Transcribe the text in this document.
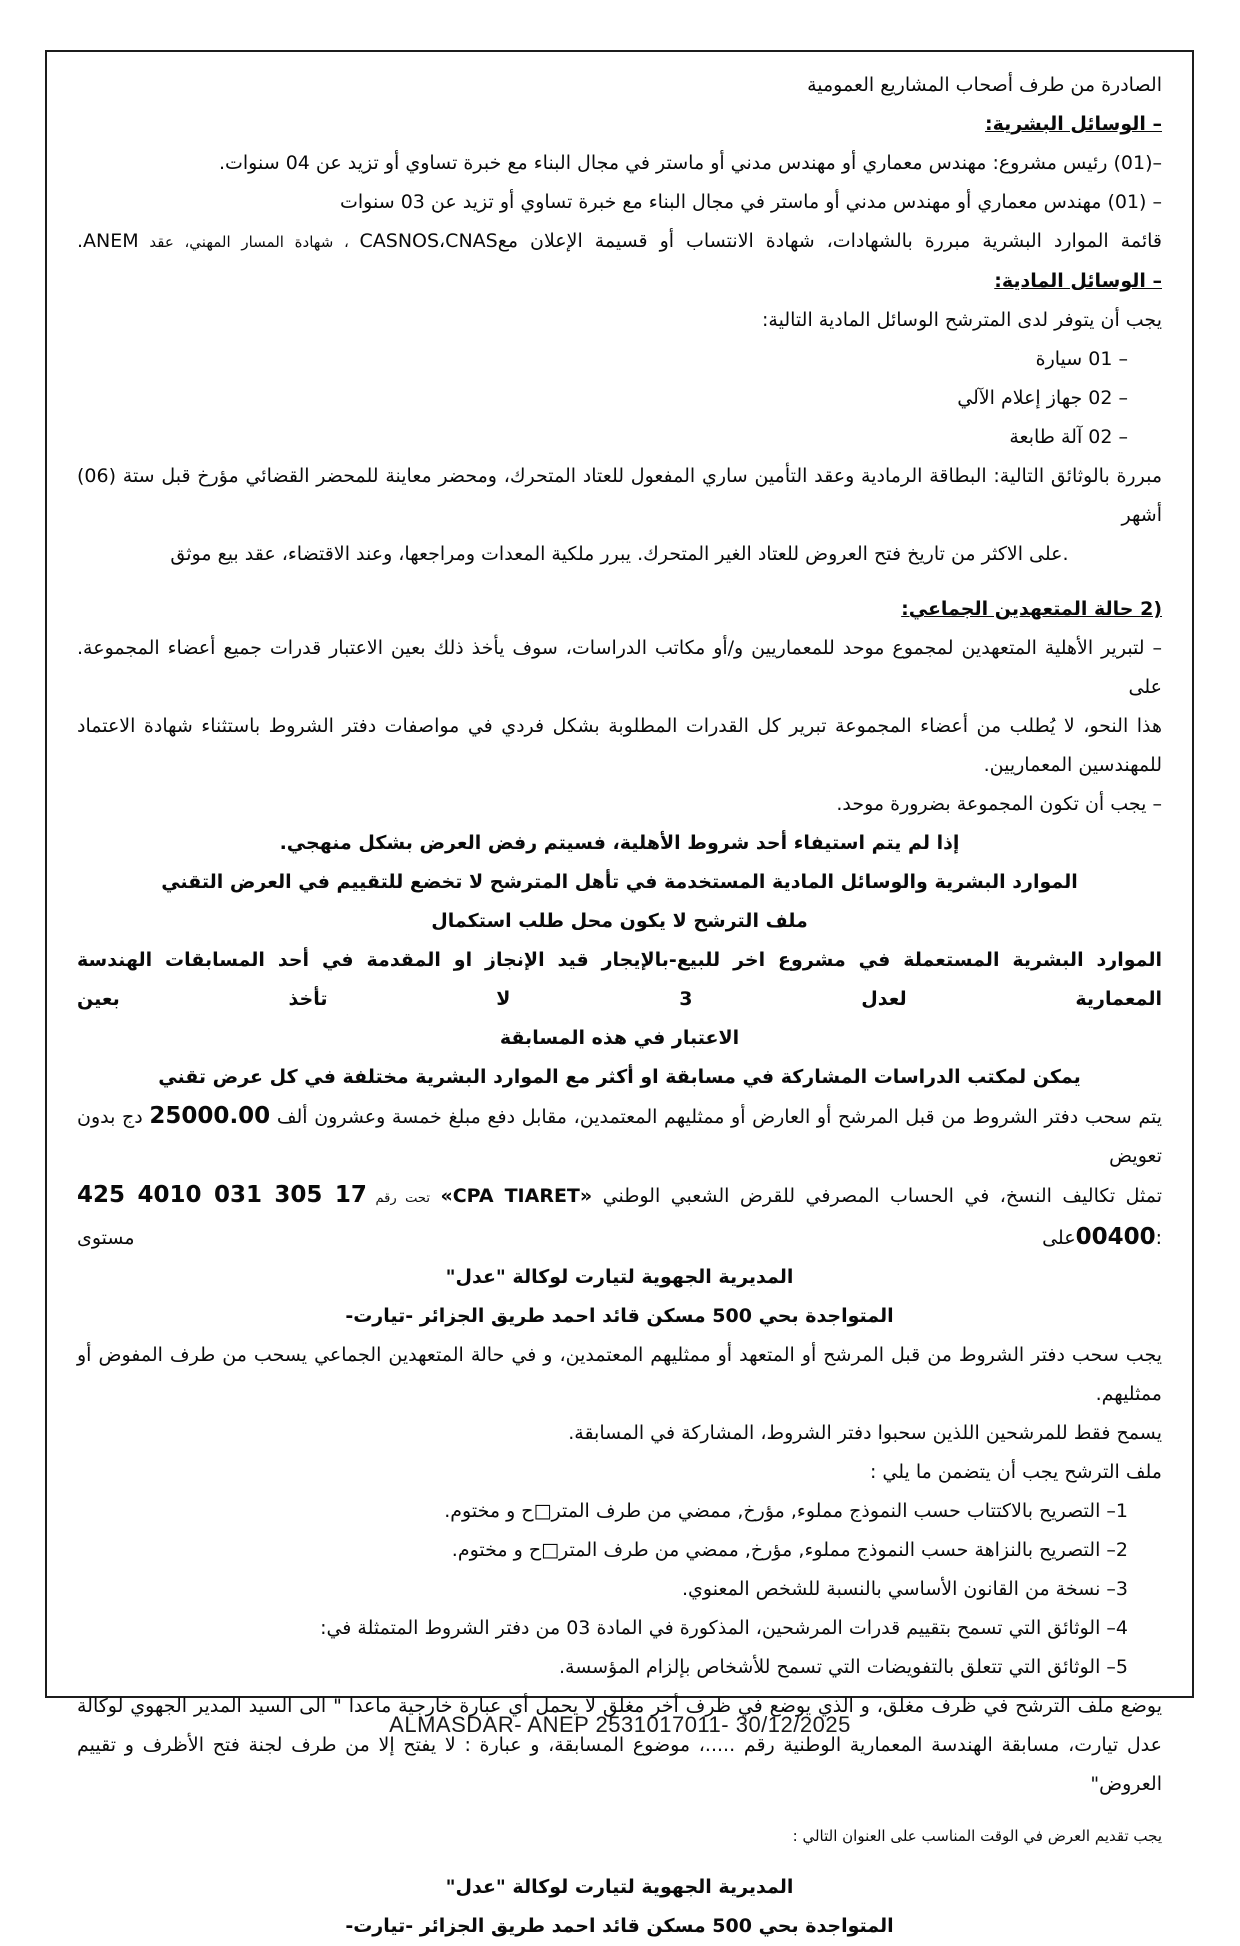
الصادرة من طرف أصحاب المشاريع العمومية

– الوسائل البشرية:

–(01) رئيس مشروع: مهندس معماري أو مهندس مدني أو ماستر في مجال البناء مع خبرة تساوي أو تزيد عن 04 سنوات.

– (01) مهندس معماري أو مهندس مدني أو ماستر في مجال البناء مع خبرة تساوي أو تزيد عن 03 سنوات

قائمة الموارد البشرية مبررة بالشهادات، شهادة الانتساب أو قسيمة الإعلان معCASNOS،CNAS ، شهادة المسار المهني، عقد ANEM.

– الوسائل المادية:

يجب أن يتوفر لدى المترشح الوسائل المادية التالية:

– 01 سيارة

– 02 جهاز إعلام الآلي

– 02 آلة طابعة

مبررة بالوثائق التالية: البطاقة الرمادية وعقد التأمين ساري المفعول للعتاد المتحرك، ومحضر معاينة للمحضر القضائي مؤرخ قبل ستة (06) أشهر

.على الاكثر من تاريخ فتح العروض للعتاد الغير المتحرك. يبرر ملكية المعدات ومراجعها، وعند الاقتضاء، عقد بيع موثق

2) حالة المتعهدين الجماعي:

– لتبرير الأهلية المتعهدين لمجموع موحد للمعماريين و/أو مكاتب الدراسات، سوف يأخذ ذلك بعين الاعتبار قدرات جميع أعضاء المجموعة. على

هذا النحو، لا يُطلب من أعضاء المجموعة تبرير كل القدرات المطلوبة بشكل فردي في مواصفات دفتر الشروط باستثناء شهادة الاعتماد

للمهندسين المعماريين.

– يجب أن تكون المجموعة بضرورة موحد.

إذا لم يتم استيفاء أحد شروط الأهلية، فسيتم رفض العرض بشكل منهجي.

الموارد البشرية والوسائل المادية المستخدمة في تأهل المترشح لا تخضع للتقييم في العرض التقني

ملف الترشح لا يكون محل طلب استكمال

الموارد البشرية المستعملة في مشروع اخر للبيع-بالإيجار قيد الإنجاز او المقدمة في أحد المسابقات الهندسة المعمارية لعدل 3 لا تأخذ بعين

الاعتبار في هذه المسابقة

يمكن لمكتب الدراسات المشاركة في مسابقة او أكثر مع الموارد البشرية مختلفة في كل عرض تقني

يتم سحب دفتر الشروط من قبل المرشح أو العارض أو ممثليهم المعتمدين، مقابل دفع مبلغ خمسة وعشرون ألف 25000.00 دج بدون تعويض

تمثل تكاليف النسخ، في الحساب المصرفي للقرض الشعبي الوطني «CPA TIARET»‏ ‏تحت رقم 17 305 031 4010 425 00400على مستوى:

المديرية الجهوية لتيارت لوكالة "عدل"

المتواجدة بحي 500 مسكن قائد احمد طريق الجزائر -تيارت-

يجب سحب دفتر الشروط من قبل المرشح أو المتعهد أو ممثليهم المعتمدين، و في حالة المتعهدين الجماعي يسحب من طرف المفوض أو ممثليهم.

يسمح فقط للمرشحين اللذين سحبوا دفتر الشروط، المشاركة في المسابقة.

ملف الترشح يجب أن يتضمن ما يلي :

1– التصريح بالاكتتاب حسب النموذج مملوء, مؤرخ, ممضي من طرف المتر□ح و مختوم.

2– التصريح بالنزاهة حسب النموذج مملوء, مؤرخ, ممضي من طرف المتر□ح و مختوم.

3– نسخة من القانون الأساسي بالنسبة للشخص المعنوي.

4– الوثائق التي تسمح بتقييم قدرات المرشحين، المذكورة في المادة 03 من دفتر الشروط المتمثلة في:

5– الوثائق التي تتعلق بالتفويضات التي تسمح للأشخاص بإلزام المؤسسة.

يوضع ملف الترشح في ظرف مغلق، و الذي يوضع في ظرف أخر مغلق لا يحمل أي عبارة خارجية ماعدا " الى السيد المدير الجهوي لوكالة

عدل تيارت، مسابقة الهندسة المعمارية الوطنية رقم .....، موضوع المسابقة، و عبارة : لا يفتح إلا من طرف لجنة فتح الأظرف و تقييم العروض"

يجب تقديم العرض في الوقت المناسب على العنوان التالي :

المديرية الجهوية لتيارت لوكالة "عدل"

المتواجدة بحي 500 مسكن قائد احمد طريق الجزائر -تيارت-

ALMASDAR- ANEP 2531017011- 30/12/2025
